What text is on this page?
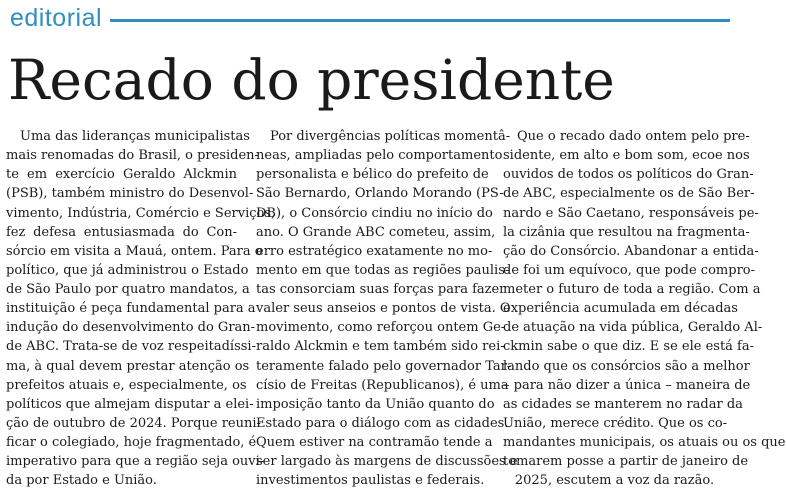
editorial
Recado do presidente
Uma das lideranças municipalistas
mais renomadas do Brasil, o presiden-
te em exercício Geraldo Alckmin
(PSB), também ministro do Desenvol-
vimento, Indústria, Comércio e Serviços,
fez defesa entusiasmada do Con-
sórcio em visita a Mauá, ontem. Para o
político, que já administrou o Estado
de São Paulo por quatro mandatos, a
instituição é peça fundamental para a
indução do desenvolvimento do Gran-
de ABC. Trata-se de voz respeitadíssi-
ma, à qual devem prestar atenção os
prefeitos atuais e, especialmente, os
políticos que almejam disputar a elei-
ção de outubro de 2024. Porque reuni-
ficar o colegiado, hoje fragmentado, é
imperativo para que a região seja ouvi-
da por Estado e União.
Por divergências políticas momentâ-
neas, ampliadas pelo comportamento
personalista e bélico do prefeito de
São Bernardo, Orlando Morando (PS-
DB), o Consórcio cindiu no início do
ano. O Grande ABC cometeu, assim,
erro estratégico exatamente no mo-
mento em que todas as regiões paulis-
tas consorciam suas forças para fazer
valer seus anseios e pontos de vista. O
movimento, como reforçou ontem Ge-
raldo Alckmin e tem também sido rei-
teramente falado pelo governador Tar-
císio de Freitas (Republicanos), é uma
imposição tanto da União quanto do
Estado para o diálogo com as cidades.
Quem estiver na contramão tende a
ser largado às margens de discussões e
investimentos paulistas e federais.
Que o recado dado ontem pelo pre-
sidente, em alto e bom som, ecoe nos
ouvidos de todos os políticos do Gran-
de ABC, especialmente os de São Ber-
nardo e São Caetano, responsáveis pe-
la cizânia que resultou na fragmenta-
ção do Consórcio. Abandonar a entida-
de foi um equívoco, que pode compro-
meter o futuro de toda a região. Com a
experiência acumulada em décadas
de atuação na vida pública, Geraldo Al-
ckmin sabe o que diz. E se ele está fa-
lando que os consórcios são a melhor
– para não dizer a única – maneira de
as cidades se manterem no radar da
União, merece crédito. Que os co-
mandantes municipais, os atuais ou os que
tomarem posse a partir de janeiro de
2025, escutem a voz da razão.
